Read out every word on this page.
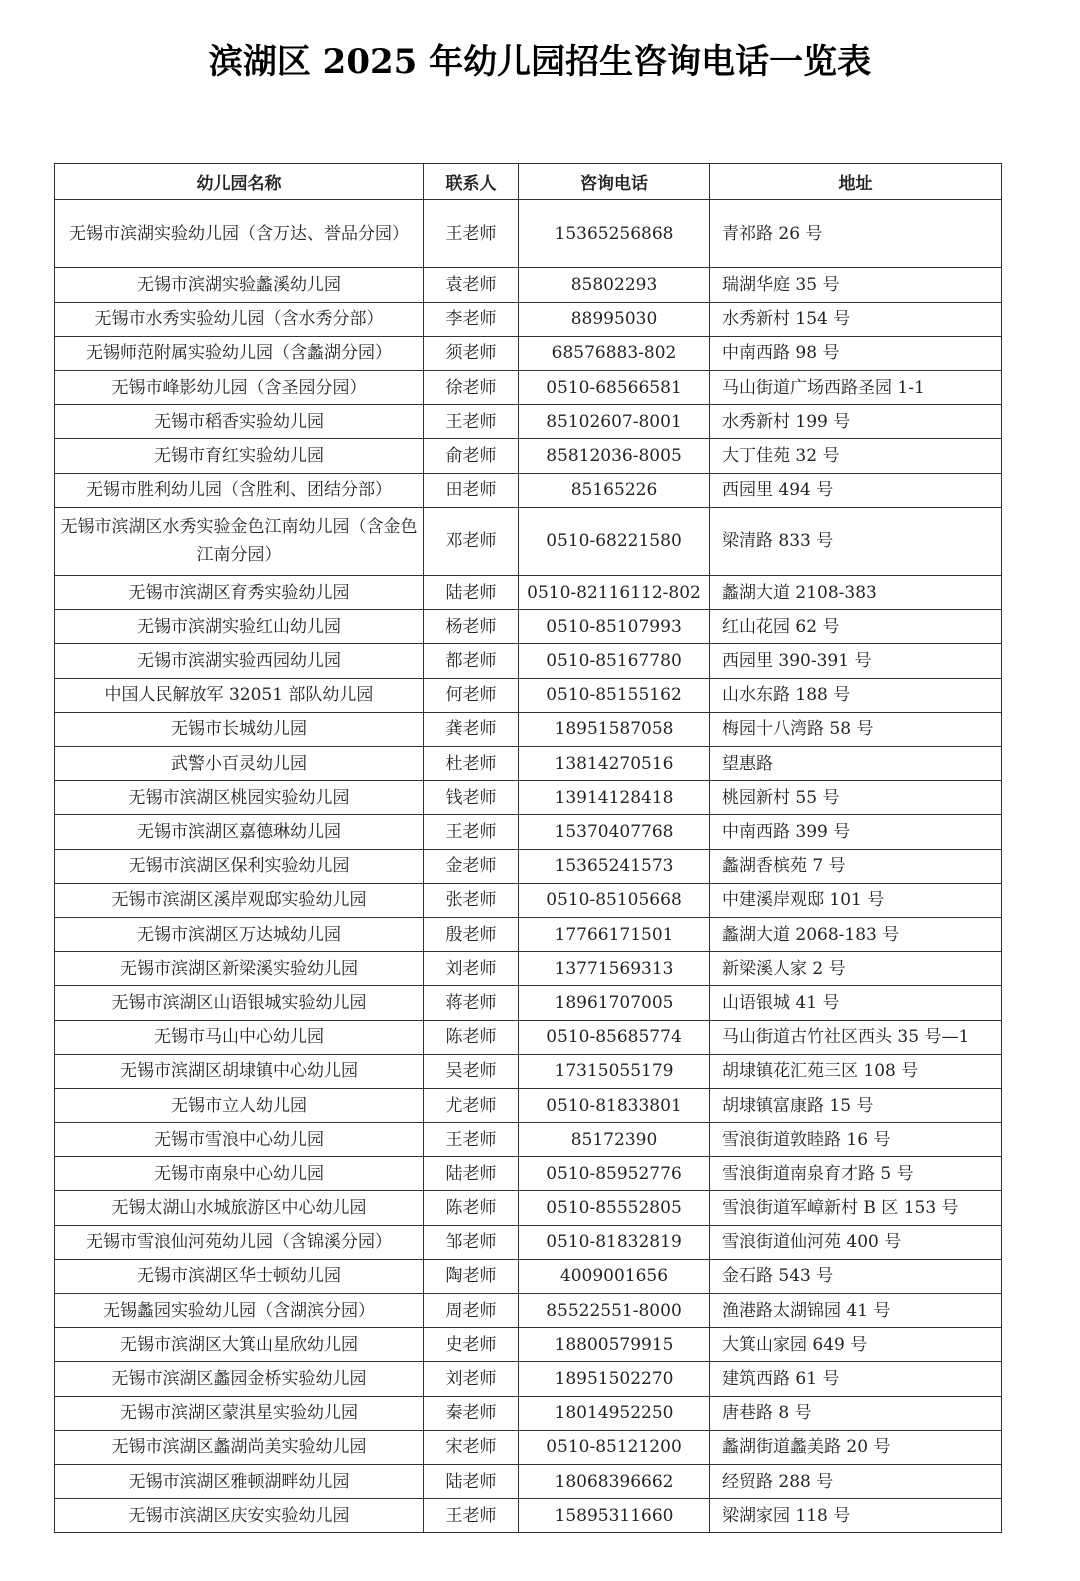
滨湖区 2025 年幼儿园招生咨询电话一览表
幼儿园名称	联系人	咨询电话	地址
无锡市滨湖实验幼儿园（含万达、誉品分园）	王老师	15365256868	青祁路 26 号
无锡市滨湖实验蠡溪幼儿园	袁老师	85802293	瑞湖华庭 35 号
无锡市水秀实验幼儿园（含水秀分部）	李老师	88995030	水秀新村 154 号
无锡师范附属实验幼儿园（含蠡湖分园）	须老师	68576883-802	中南西路 98 号
无锡市峰影幼儿园（含圣园分园）	徐老师	0510-68566581	马山街道广场西路圣园 1-1
无锡市稻香实验幼儿园	王老师	85102607-8001	水秀新村 199 号
无锡市育红实验幼儿园	俞老师	85812036-8005	大丁佳苑 32 号
无锡市胜利幼儿园（含胜利、团结分部）	田老师	85165226	西园里 494 号
无锡市滨湖区水秀实验金色江南幼儿园（含金色江南分园）	邓老师	0510-68221580	梁清路 833 号
无锡市滨湖区育秀实验幼儿园	陆老师	0510-82116112-802	蠡湖大道 2108-383
无锡市滨湖实验红山幼儿园	杨老师	0510-85107993	红山花园 62 号
无锡市滨湖实验西园幼儿园	都老师	0510-85167780	西园里 390-391 号
中国人民解放军 32051 部队幼儿园	何老师	0510-85155162	山水东路 188 号
无锡市长城幼儿园	龚老师	18951587058	梅园十八湾路 58 号
武警小百灵幼儿园	杜老师	13814270516	望惠路
无锡市滨湖区桃园实验幼儿园	钱老师	13914128418	桃园新村 55 号
无锡市滨湖区嘉德琳幼儿园	王老师	15370407768	中南西路 399 号
无锡市滨湖区保利实验幼儿园	金老师	15365241573	蠡湖香槟苑 7 号
无锡市滨湖区溪岸观邸实验幼儿园	张老师	0510-85105668	中建溪岸观邸 101 号
无锡市滨湖区万达城幼儿园	殷老师	17766171501	蠡湖大道 2068-183 号
无锡市滨湖区新梁溪实验幼儿园	刘老师	13771569313	新梁溪人家 2 号
无锡市滨湖区山语银城实验幼儿园	蒋老师	18961707005	山语银城 41 号
无锡市马山中心幼儿园	陈老师	0510-85685774	马山街道古竹社区西头 35 号—1
无锡市滨湖区胡埭镇中心幼儿园	吴老师	17315055179	胡埭镇花汇苑三区 108 号
无锡市立人幼儿园	尤老师	0510-81833801	胡埭镇富康路 15 号
无锡市雪浪中心幼儿园	王老师	85172390	雪浪街道敦睦路 16 号
无锡市南泉中心幼儿园	陆老师	0510-85952776	雪浪街道南泉育才路 5 号
无锡太湖山水城旅游区中心幼儿园	陈老师	0510-85552805	雪浪街道军嶂新村 B 区 153 号
无锡市雪浪仙河苑幼儿园（含锦溪分园）	邹老师	0510-81832819	雪浪街道仙河苑 400 号
无锡市滨湖区华士顿幼儿园	陶老师	4009001656	金石路 543 号
无锡蠡园实验幼儿园（含湖滨分园）	周老师	85522551-8000	渔港路太湖锦园 41 号
无锡市滨湖区大箕山星欣幼儿园	史老师	18800579915	大箕山家园 649 号
无锡市滨湖区蠡园金桥实验幼儿园	刘老师	18951502270	建筑西路 61 号
无锡市滨湖区蒙淇星实验幼儿园	秦老师	18014952250	唐巷路 8 号
无锡市滨湖区蠡湖尚美实验幼儿园	宋老师	0510-85121200	蠡湖街道蠡美路 20 号
无锡市滨湖区雅顿湖畔幼儿园	陆老师	18068396662	经贸路 288 号
无锡市滨湖区庆安实验幼儿园	王老师	15895311660	梁湖家园 118 号
